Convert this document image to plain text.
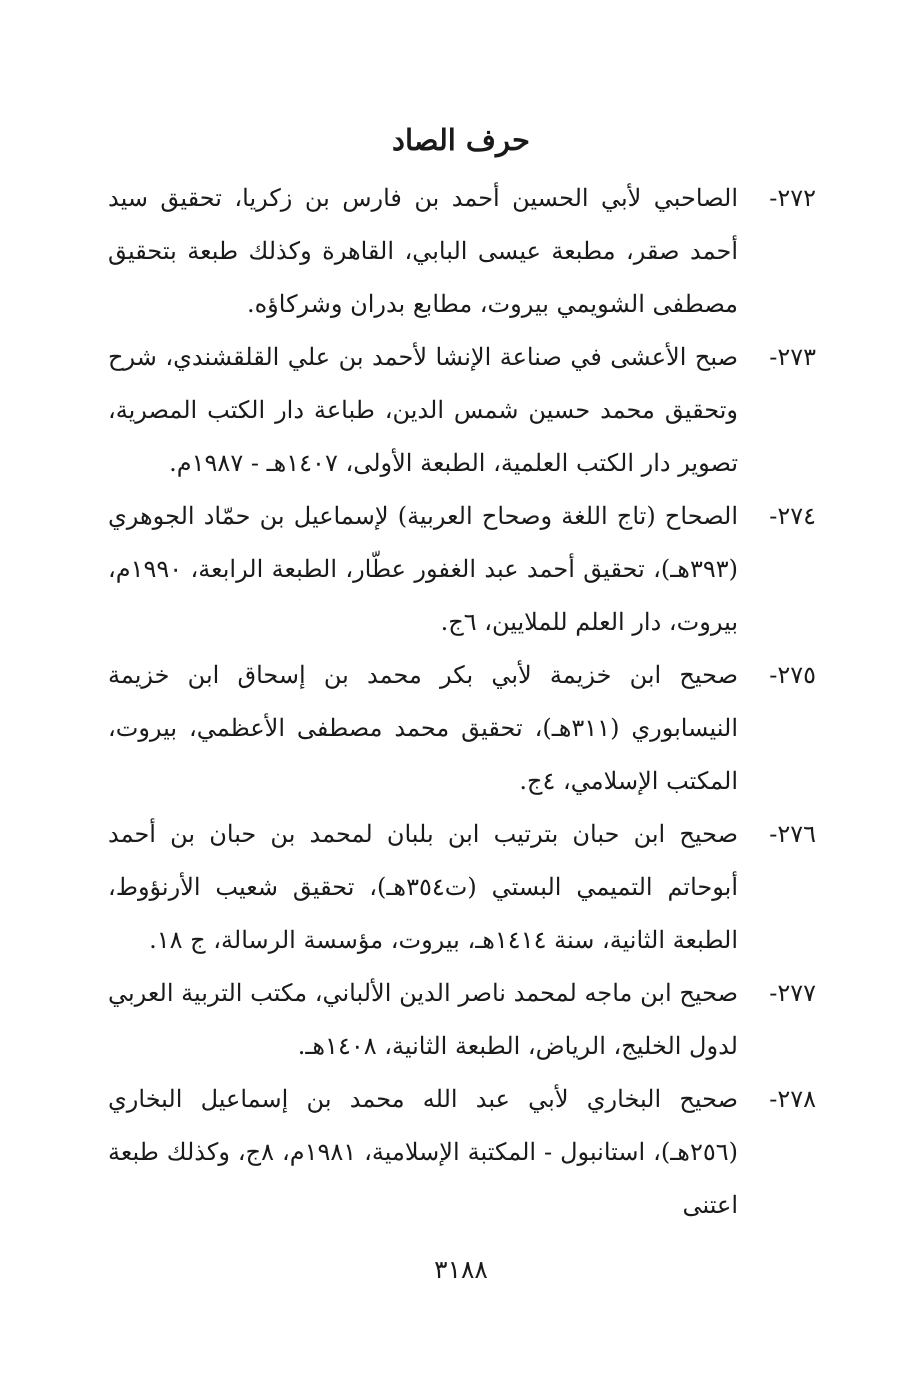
حرف الصاد

٢٧٢-
الصاحبي لأبي الحسين أحمد بن فارس بن زكريا، تحقيق سيد أحمد صقر، مطبعة عيسى البابي، القاهرة وكذلك طبعة بتحقيق مصطفى الشويمي بيروت، مطابع بدران وشركاؤه.

٢٧٣-
صبح الأعشى في صناعة الإنشا لأحمد بن علي القلقشندي، شرح وتحقيق محمد حسين شمس الدين، طباعة دار الكتب المصرية، تصوير دار الكتب العلمية، الطبعة الأولى، ١٤٠٧هـ - ١٩٨٧م.

٢٧٤-
الصحاح (تاج اللغة وصحاح العربية) لإسماعيل بن حمّاد الجوهري (٣٩٣هـ)، تحقيق أحمد عبد الغفور عطّار، الطبعة الرابعة، ١٩٩٠م، بيروت، دار العلم للملايين، ٦ج.

٢٧٥-
صحيح ابن خزيمة لأبي بكر محمد بن إسحاق ابن خزيمة النيسابوري (٣١١هـ)، تحقيق محمد مصطفى الأعظمي، بيروت، المكتب الإسلامي، ٤ج.

٢٧٦-
صحيح ابن حبان بترتيب ابن بلبان لمحمد بن حبان بن أحمد أبوحاتم التميمي البستي (ت٣٥٤هـ)، تحقيق شعيب الأرنؤوط، الطبعة الثانية، سنة ١٤١٤هـ، بيروت، مؤسسة الرسالة، ج ١٨.

٢٧٧-
صحيح ابن ماجه لمحمد ناصر الدين الألباني، مكتب التربية العربي لدول الخليج، الرياض، الطبعة الثانية، ١٤٠٨هـ.

٢٧٨-
صحيح البخاري لأبي عبد الله محمد بن إسماعيل البخاري (٢٥٦هـ)، استانبول - المكتبة الإسلامية، ١٩٨١م، ٨ج، وكذلك طبعة اعتنى

٣١٨٨
